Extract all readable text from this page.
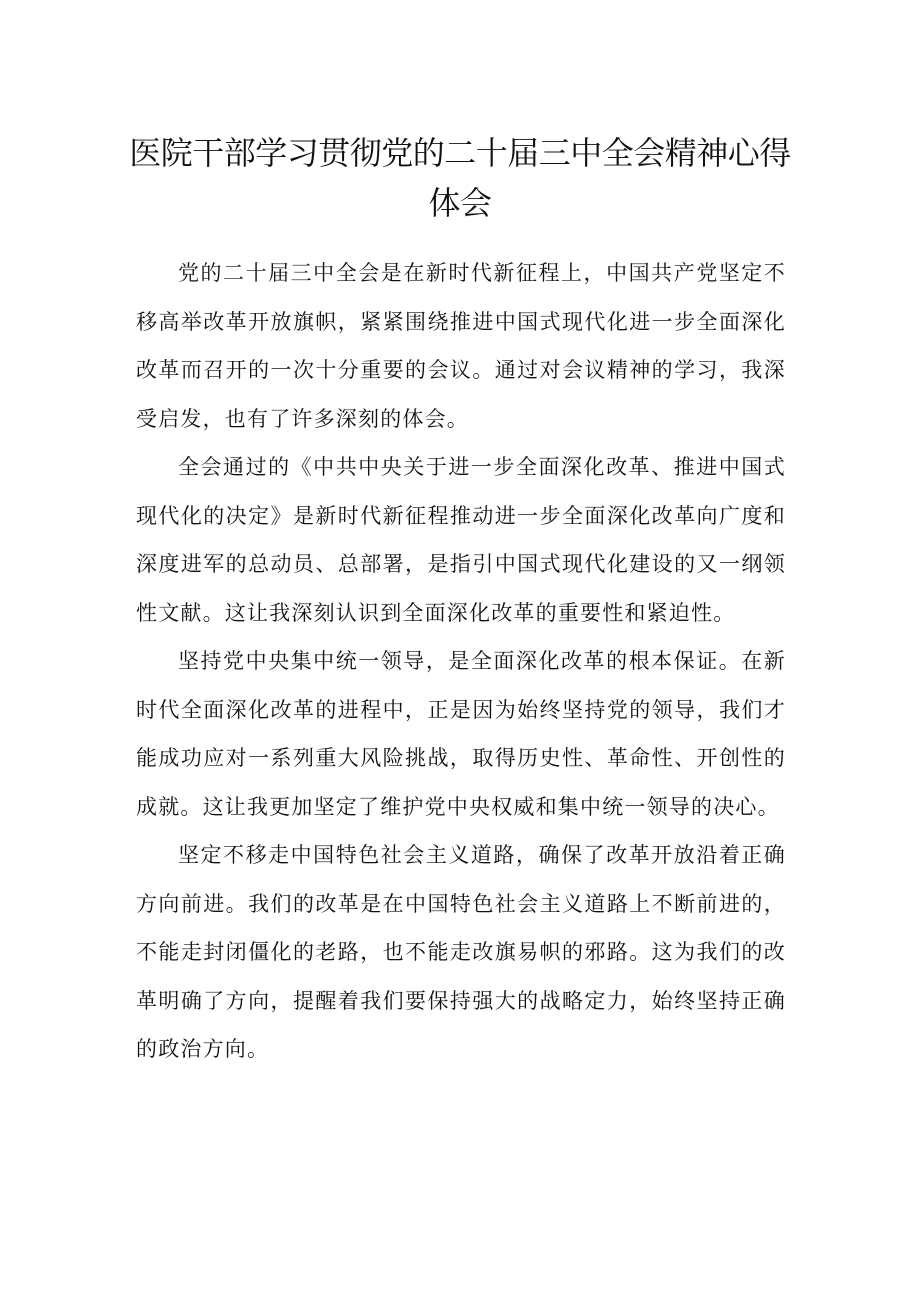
医院干部学习贯彻党的二十届三中全会精神心得体会

党的二十届三中全会是在新时代新征程上，中国共产党坚定不移高举改革开放旗帜，紧紧围绕推进中国式现代化进一步全面深化改革而召开的一次十分重要的会议。通过对会议精神的学习，我深受启发，也有了许多深刻的体会。

全会通过的《中共中央关于进一步全面深化改革、推进中国式现代化的决定》是新时代新征程推动进一步全面深化改革向广度和深度进军的总动员、总部署，是指引中国式现代化建设的又一纲领性文献。这让我深刻认识到全面深化改革的重要性和紧迫性。

坚持党中央集中统一领导，是全面深化改革的根本保证。在新时代全面深化改革的进程中，正是因为始终坚持党的领导，我们才能成功应对一系列重大风险挑战，取得历史性、革命性、开创性的成就。这让我更加坚定了维护党中央权威和集中统一领导的决心。

坚定不移走中国特色社会主义道路，确保了改革开放沿着正确方向前进。我们的改革是在中国特色社会主义道路上不断前进的，不能走封闭僵化的老路，也不能走改旗易帜的邪路。这为我们的改革明确了方向，提醒着我们要保持强大的战略定力，始终坚持正确的政治方向。
